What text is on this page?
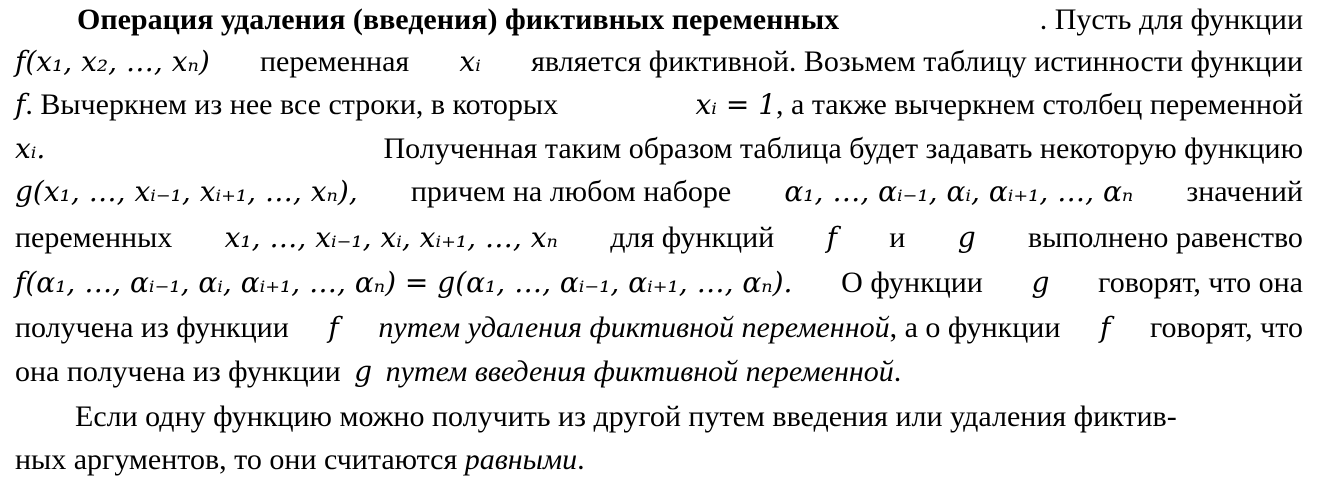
Операция удаления (введения) фиктивных переменных	. Пусть для функции
f(x₁, x₂, …, xₙ) переменная xᵢ является фиктивной. Возьмем таблицу истинности функции
f. Вычеркнем из нее все строки, в которых	xᵢ = 1, а также вычеркнем столбец переменной
xᵢ.	Полученная таким образом таблица будет задавать некоторую функцию
g(x₁, …, xᵢ₋₁, xᵢ₊₁, …, xₙ), причем на любом наборе α₁, …, αᵢ₋₁, αᵢ, αᵢ₊₁, …, αₙ значений
переменных x₁, …, xᵢ₋₁, xᵢ, xᵢ₊₁, …, xₙ для функций f и g выполнено равенство
f(α₁, …, αᵢ₋₁, αᵢ, αᵢ₊₁, …, αₙ) = g(α₁, …, αᵢ₋₁, αᵢ₊₁, …, αₙ). О функции g говорят, что она
получена из функции f путем удаления фиктивной переменной, а о функции f говорят, что
она получена из функции g путем введения фиктивной переменной.
Если одну функцию можно получить из другой путем введения или удаления фиктив-
ных аргументов, то они считаются равными.
